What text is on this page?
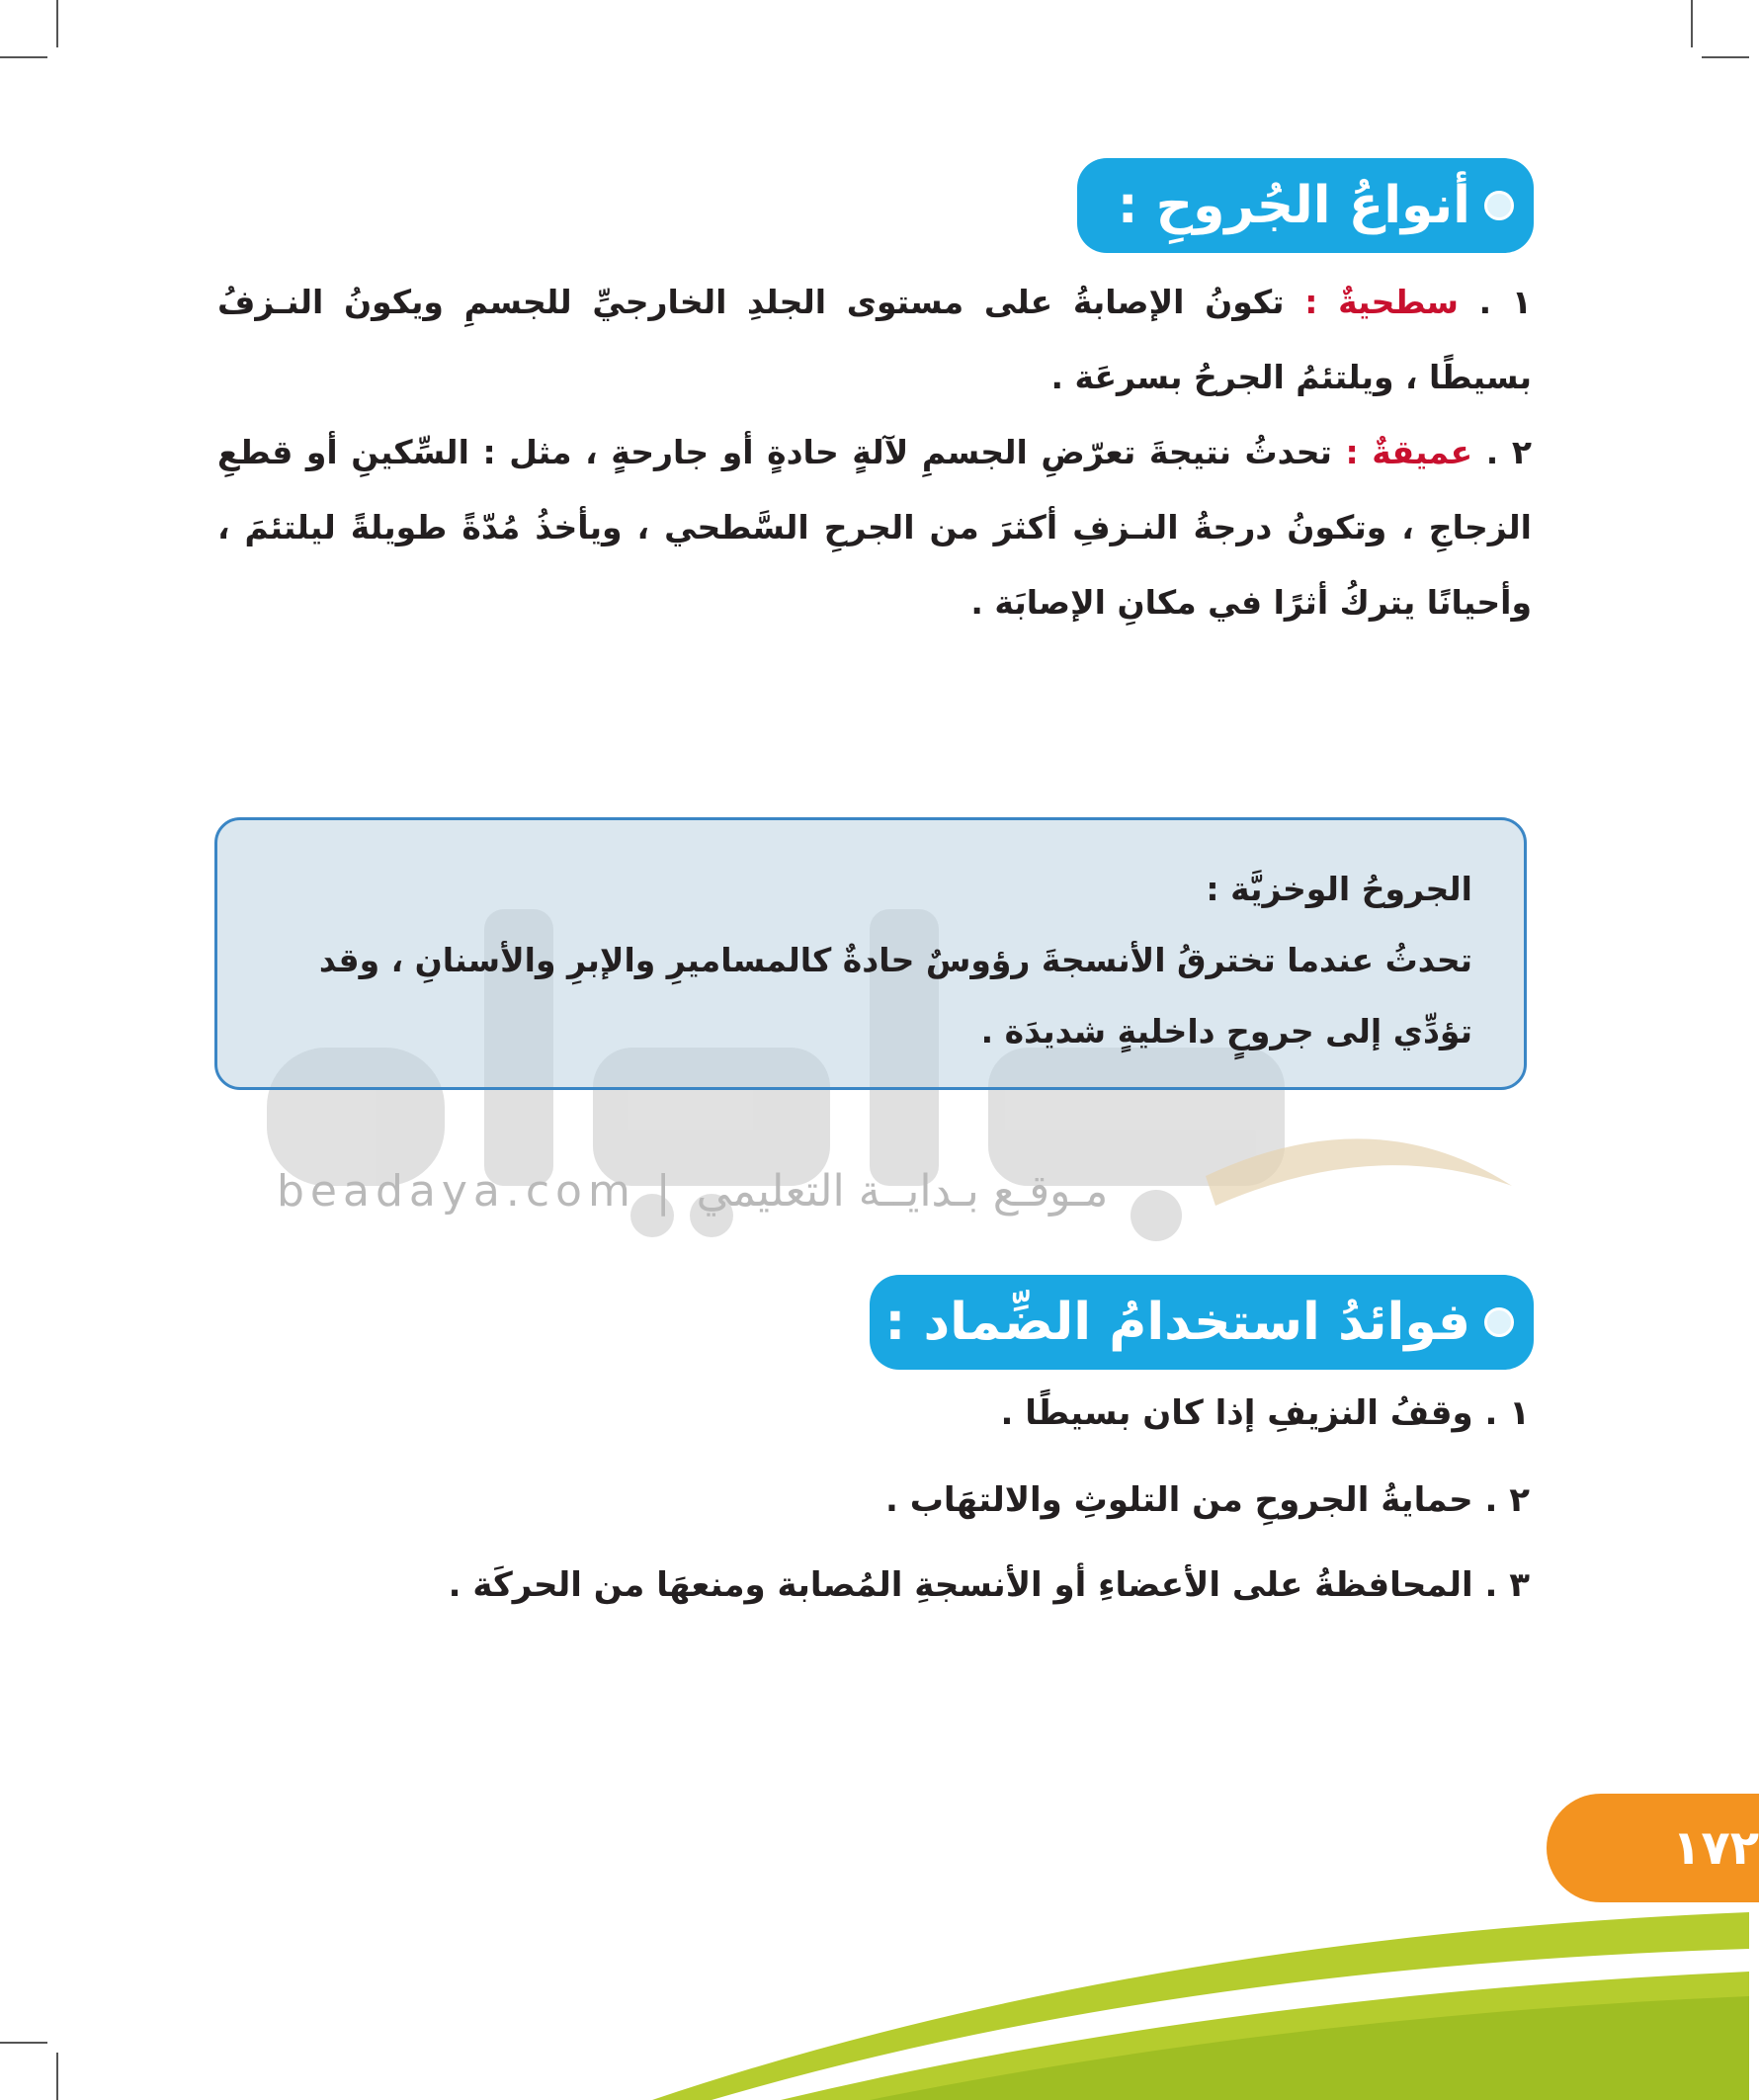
beadaya.com | مـوقـع بـدايــة التعليمي
أنواعُ الجُروحِ :
١ . سطحيةٌ : تكونُ الإصابةُ على مستوى الجلدِ الخارجيِّ للجسمِ ويكونُ النـزفُ بسيطًا ، ويلتئمُ الجرحُ بسرعَة .
٢ . عميقةٌ : تحدثُ نتيجةَ تعرّضِ الجسمِ لآلةٍ حادةٍ أو جارحةٍ ، مثل : السِّكينِ أو قطعِ الزجاجِ ، وتكونُ درجةُ النـزفِ أكثرَ من الجرحِ السَّطحي ، ويأخذُ مُدّةً طويلةً ليلتئمَ ، وأحيانًا يتركُ أثرًا في مكانِ الإصابَة .
الجروحُ الوخزيَّة :
تحدثُ عندما تخترقُ الأنسجةَ رؤوسٌ حادةٌ كالمساميرِ والإبرِ والأسنانِ ، وقد تؤدِّي إلى جروحٍ داخليةٍ شديدَة .
فوائدُ استخدامُ الضِّماد :
١ . وقفُ النزيفِ إذا كان بسيطًا .
٢ . حمايةُ الجروحِ من التلوثِ والالتهَاب .
٣ . المحافظةُ على الأعضاءِ أو الأنسجةِ المُصابة ومنعهَا من الحركَة .
١٧٢
